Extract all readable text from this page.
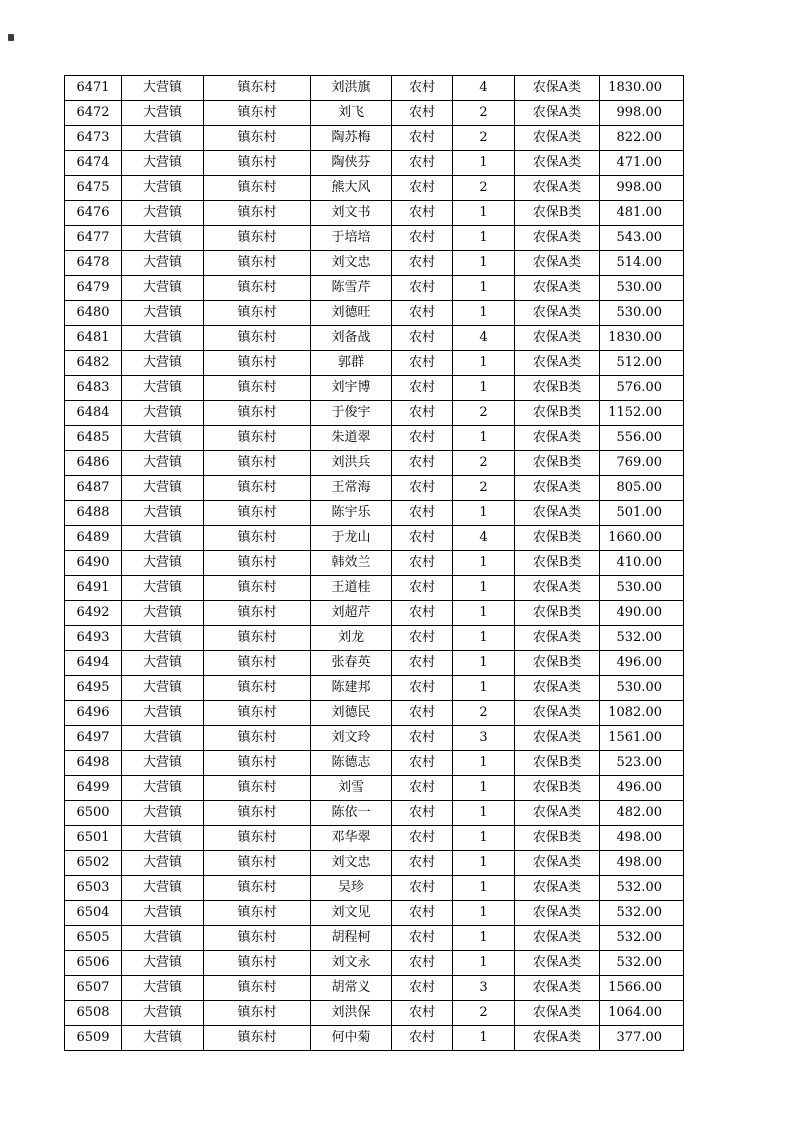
6471	大营镇	镇东村	刘洪旗	农村	4	农保A类	1830.00
6472	大营镇	镇东村	刘飞	农村	2	农保A类	998.00
6473	大营镇	镇东村	陶苏梅	农村	2	农保A类	822.00
6474	大营镇	镇东村	陶侠芬	农村	1	农保A类	471.00
6475	大营镇	镇东村	熊大风	农村	2	农保A类	998.00
6476	大营镇	镇东村	刘文书	农村	1	农保B类	481.00
6477	大营镇	镇东村	于培培	农村	1	农保A类	543.00
6478	大营镇	镇东村	刘文忠	农村	1	农保A类	514.00
6479	大营镇	镇东村	陈雪芹	农村	1	农保A类	530.00
6480	大营镇	镇东村	刘德旺	农村	1	农保A类	530.00
6481	大营镇	镇东村	刘备战	农村	4	农保A类	1830.00
6482	大营镇	镇东村	郭群	农村	1	农保A类	512.00
6483	大营镇	镇东村	刘宇博	农村	1	农保B类	576.00
6484	大营镇	镇东村	于俊宇	农村	2	农保B类	1152.00
6485	大营镇	镇东村	朱道翠	农村	1	农保A类	556.00
6486	大营镇	镇东村	刘洪兵	农村	2	农保B类	769.00
6487	大营镇	镇东村	王常海	农村	2	农保A类	805.00
6488	大营镇	镇东村	陈宇乐	农村	1	农保A类	501.00
6489	大营镇	镇东村	于龙山	农村	4	农保B类	1660.00
6490	大营镇	镇东村	韩效兰	农村	1	农保B类	410.00
6491	大营镇	镇东村	王道桂	农村	1	农保A类	530.00
6492	大营镇	镇东村	刘超芹	农村	1	农保B类	490.00
6493	大营镇	镇东村	刘龙	农村	1	农保A类	532.00
6494	大营镇	镇东村	张春英	农村	1	农保B类	496.00
6495	大营镇	镇东村	陈建邦	农村	1	农保A类	530.00
6496	大营镇	镇东村	刘德民	农村	2	农保A类	1082.00
6497	大营镇	镇东村	刘文玲	农村	3	农保A类	1561.00
6498	大营镇	镇东村	陈德志	农村	1	农保B类	523.00
6499	大营镇	镇东村	刘雪	农村	1	农保B类	496.00
6500	大营镇	镇东村	陈依一	农村	1	农保A类	482.00
6501	大营镇	镇东村	邓华翠	农村	1	农保B类	498.00
6502	大营镇	镇东村	刘文忠	农村	1	农保A类	498.00
6503	大营镇	镇东村	吴珍	农村	1	农保A类	532.00
6504	大营镇	镇东村	刘文见	农村	1	农保A类	532.00
6505	大营镇	镇东村	胡程柯	农村	1	农保A类	532.00
6506	大营镇	镇东村	刘文永	农村	1	农保A类	532.00
6507	大营镇	镇东村	胡常义	农村	3	农保A类	1566.00
6508	大营镇	镇东村	刘洪保	农村	2	农保A类	1064.00
6509	大营镇	镇东村	何中菊	农村	1	农保A类	377.00
